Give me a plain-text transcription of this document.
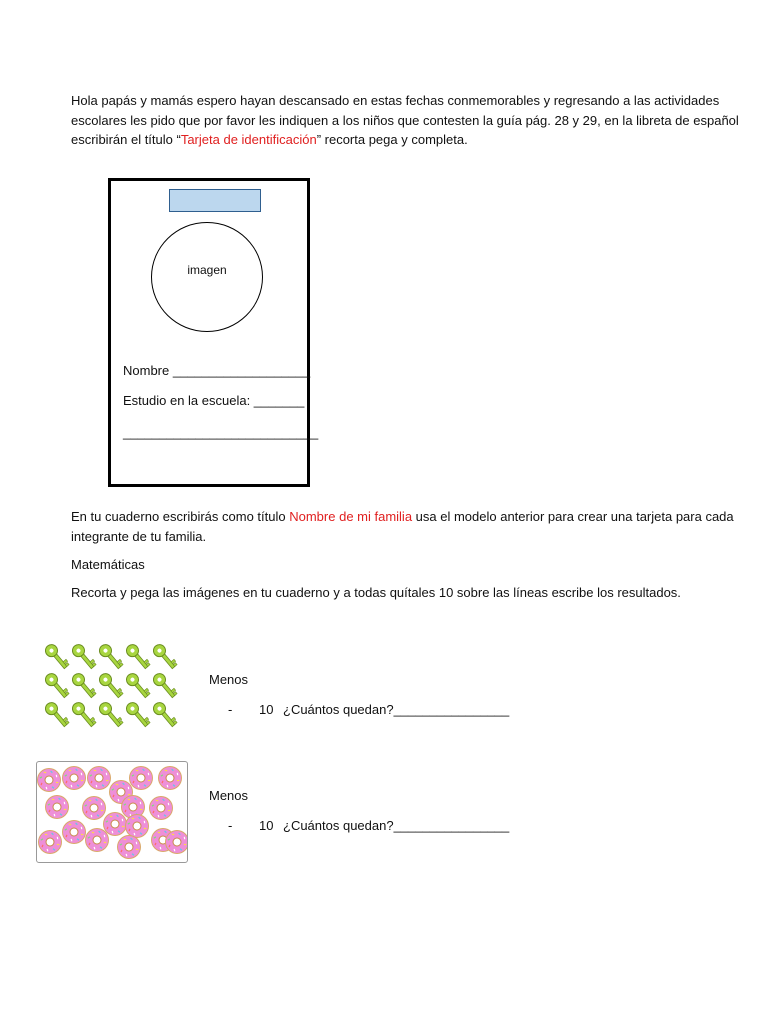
Hola papás y mamás espero hayan descansado en estas fechas conmemorables y regresando a las actividades escolares les pido que por favor les indiquen a los niños que contesten la guía pág. 28 y 29, en la libreta de español escribirán el título “Tarjeta de identificación” recorta pega y completa.

imagen
Nombre ___________________
Estudio en la escuela: _______
___________________________

En tu cuaderno escribirás como título Nombre de mi familia usa el modelo anterior para crear una tarjeta para cada integrante de tu familia.

Matemáticas

Recorta y pega las imágenes en tu cuaderno y a todas quítales 10 sobre las líneas escribe los resultados.

Menos
- 10 ¿Cuántos quedan?________________
Menos
- 10 ¿Cuántos quedan?________________
